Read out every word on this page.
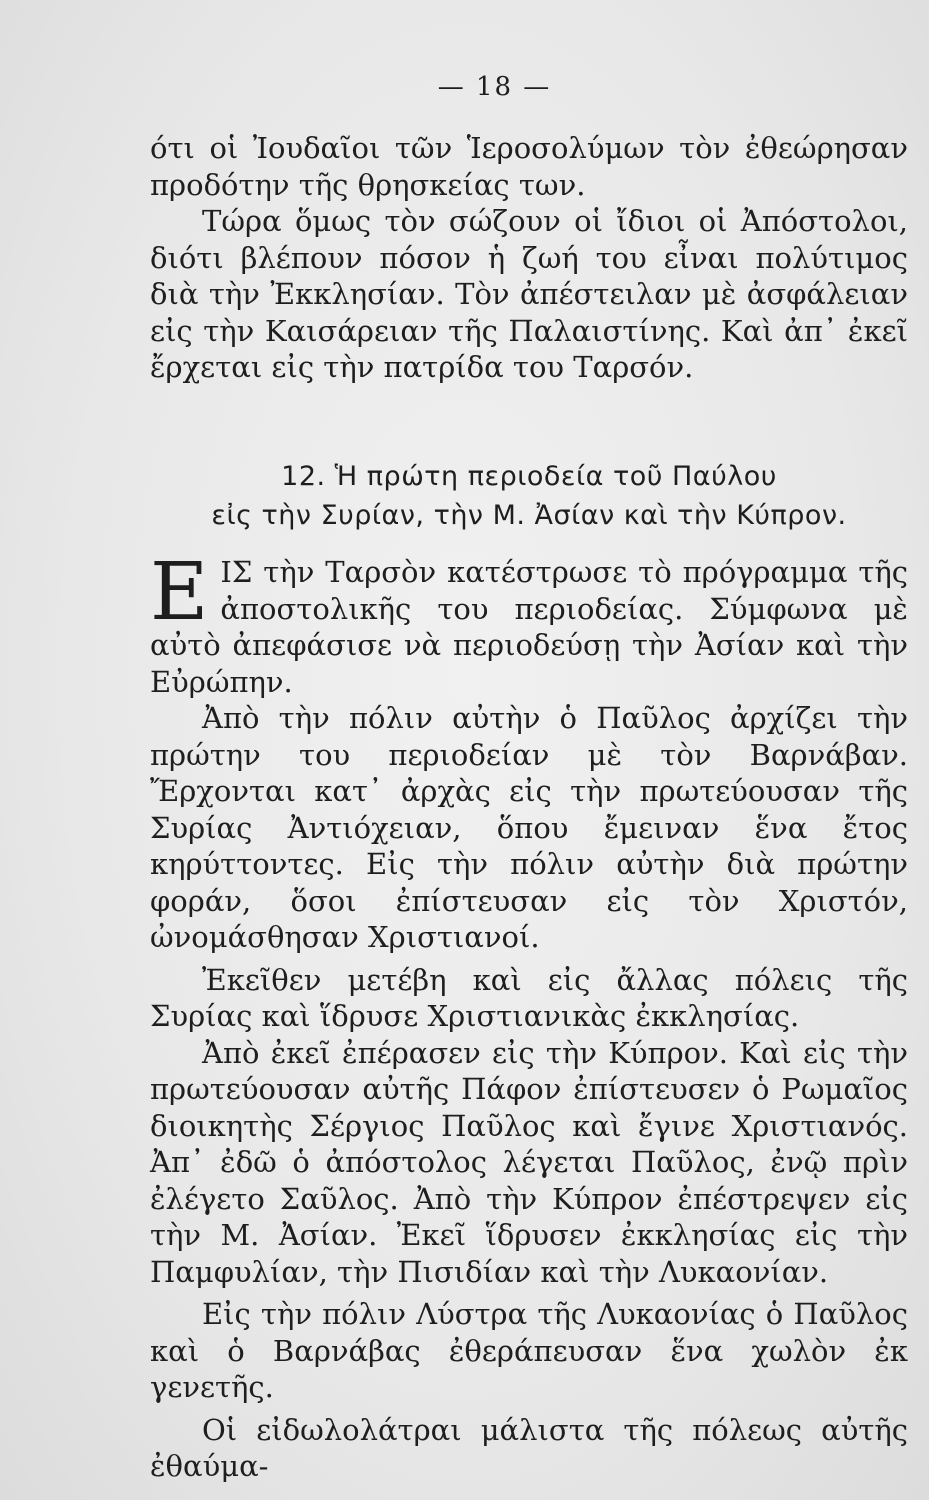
— 18 —

ότι οἱ Ἰουδαῖοι τῶν Ἱεροσολύμων τὸν ἐθεώρησαν προδότην τῆς θρησκείας των.

Τώρα ὅμως τὸν σώζουν οἱ ἴδιοι οἱ Ἀπόστολοι, διότι βλέπουν πόσον ἡ ζωή του εἶναι πολύτιμος διὰ τὴν Ἐκκλησίαν. Τὸν ἀπέστειλαν μὲ ἀσφάλειαν εἰς τὴν Καισάρειαν τῆς Παλαιστίνης. Καὶ ἀπ᾽ ἐκεῖ ἔρχεται εἰς τὴν πατρίδα του Ταρσόν.

12. Ἡ πρώτη περιοδεία τοῦ Παύλου
εἰς τὴν Συρίαν, τὴν Μ. Ἀσίαν καὶ τὴν Κύπρον.

ΕΙΣ τὴν Ταρσὸν κατέστρωσε τὸ πρόγραμμα τῆς ἀποστολικῆς του περιοδείας. Σύμφωνα μὲ αὐτὸ ἀπεφάσισε νὰ περιοδεύσῃ τὴν Ἀσίαν καὶ τὴν Εὐρώπην.

Ἀπὸ τὴν πόλιν αὐτὴν ὁ Παῦλος ἀρχίζει τὴν πρώτην του περιοδείαν μὲ τὸν Βαρνάβαν. Ἔρχονται κατ᾽ ἀρχὰς εἰς τὴν πρωτεύουσαν τῆς Συρίας Ἀντιόχειαν, ὅπου ἔμειναν ἕνα ἔτος κηρύττοντες. Εἰς τὴν πόλιν αὐτὴν διὰ πρώτην φοράν, ὅσοι ἐπίστευσαν εἰς τὸν Χριστόν, ὠνομάσθησαν Χριστιανοί.

Ἐκεῖθεν μετέβη καὶ εἰς ἄλλας πόλεις τῆς Συρίας καὶ ἵδρυσε Χριστιανικὰς ἐκκλησίας.

Ἀπὸ ἐκεῖ ἐπέρασεν εἰς τὴν Κύπρον. Καὶ εἰς τὴν πρωτεύουσαν αὐτῆς Πάφον ἐπίστευσεν ὁ Ρωμαῖος διοικητὴς Σέργιος Παῦλος καὶ ἔγινε Χριστιανός. Ἀπ᾽ ἐδῶ ὁ ἀπόστολος λέγεται Παῦλος, ἐνῷ πρὶν ἐλέγετο Σαῦλος. Ἀπὸ τὴν Κύπρον ἐπέστρεψεν εἰς τὴν Μ. Ἀσίαν. Ἐκεῖ ἵδρυσεν ἐκκλησίας εἰς τὴν Παμφυλίαν, τὴν Πισιδίαν καὶ τὴν Λυκαονίαν.

Εἰς τὴν πόλιν Λύστρα τῆς Λυκαονίας ὁ Παῦλος καὶ ὁ Βαρνάβας ἐθεράπευσαν ἕνα χωλὸν ἐκ γενετῆς.

Οἱ εἰδωλολάτραι μάλιστα τῆς πόλεως αὐτῆς ἐθαύμα-
